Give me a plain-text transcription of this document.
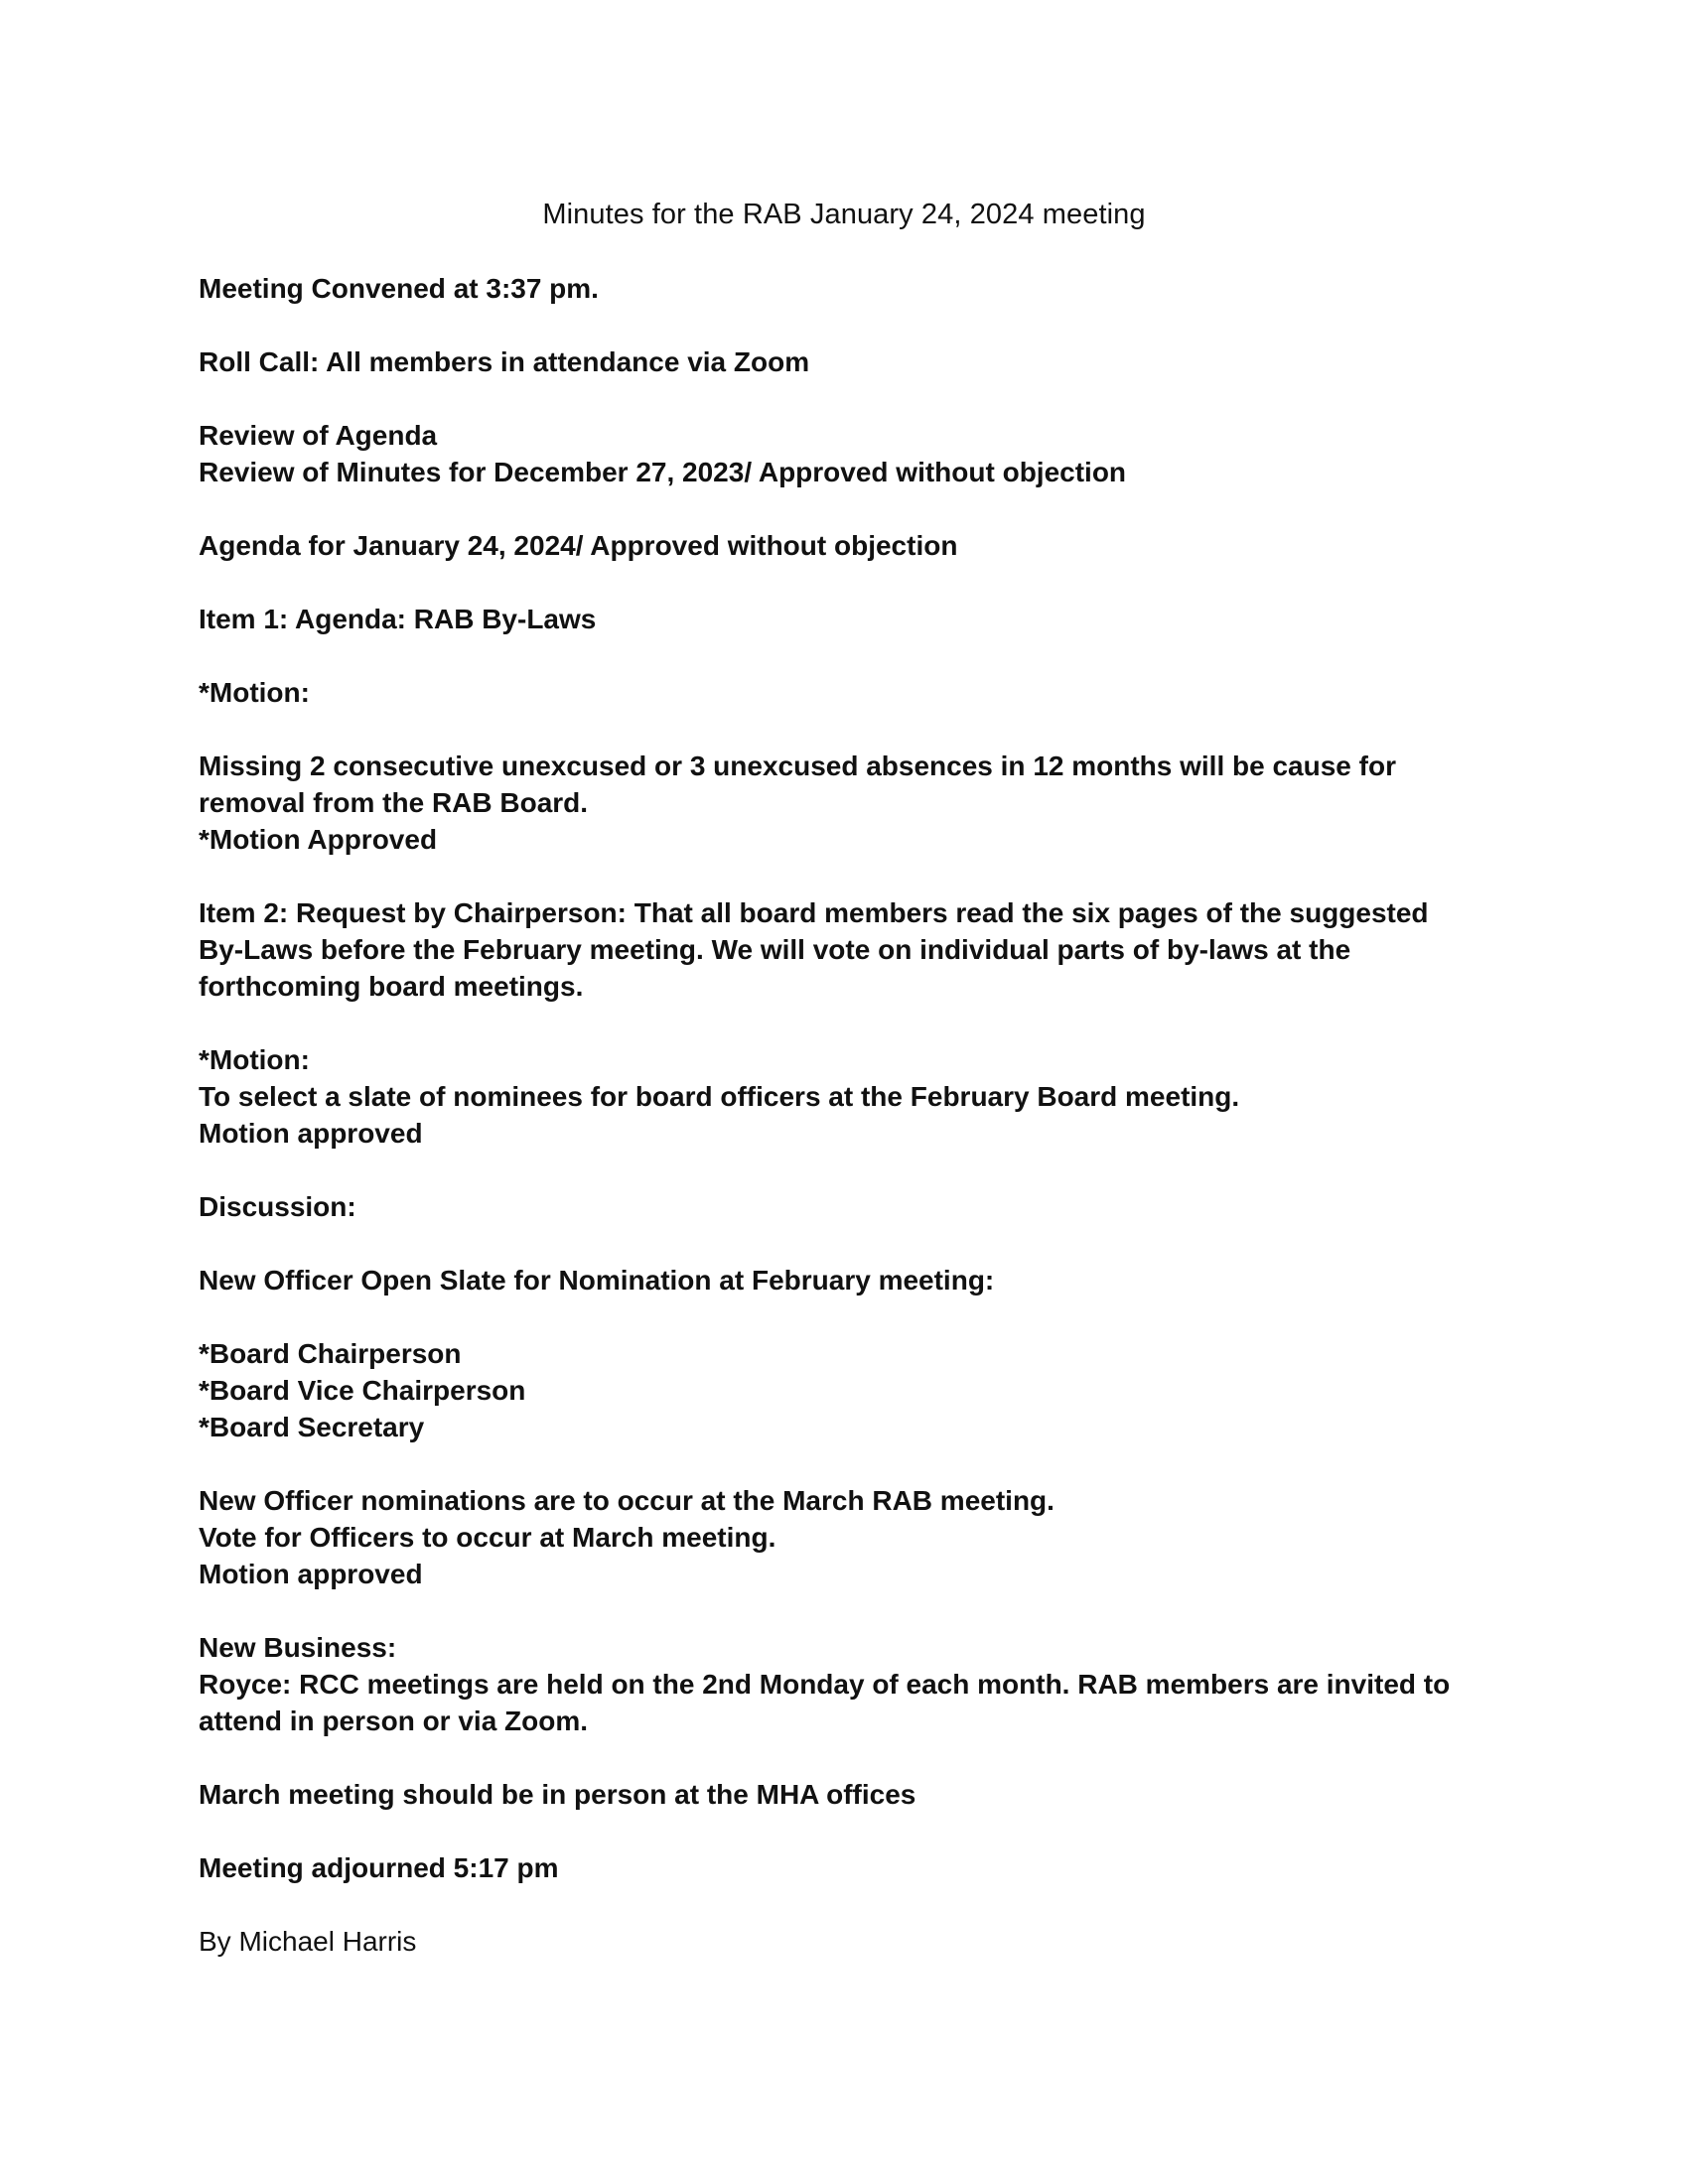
Minutes for the RAB January 24, 2024 meeting

Meeting Convened at 3:37 pm.

Roll Call: All members in attendance via Zoom

Review of Agenda
Review of Minutes for December 27, 2023/ Approved without objection

Agenda for January 24, 2024/ Approved without objection

Item 1: Agenda: RAB By-Laws

*Motion:

Missing 2 consecutive unexcused or 3 unexcused absences in 12 months will be cause for removal from the RAB Board.
*Motion Approved

Item 2: Request by Chairperson: That all board members read the six pages of the suggested By-Laws before the February meeting. We will vote on individual parts of by-laws at the forthcoming board meetings.

*Motion:
To select a slate of nominees for board officers at the February Board meeting.
Motion approved

Discussion:

New Officer Open Slate for Nomination at February meeting:

*Board Chairperson
*Board Vice Chairperson
*Board Secretary

New Officer nominations are to occur at the March RAB meeting.
Vote for Officers to occur at March meeting.
Motion approved

New Business:
Royce: RCC meetings are held on the 2nd Monday of each month. RAB members are invited to attend in person or via Zoom.

March meeting should be in person at the MHA offices

Meeting adjourned 5:17 pm

By Michael Harris
